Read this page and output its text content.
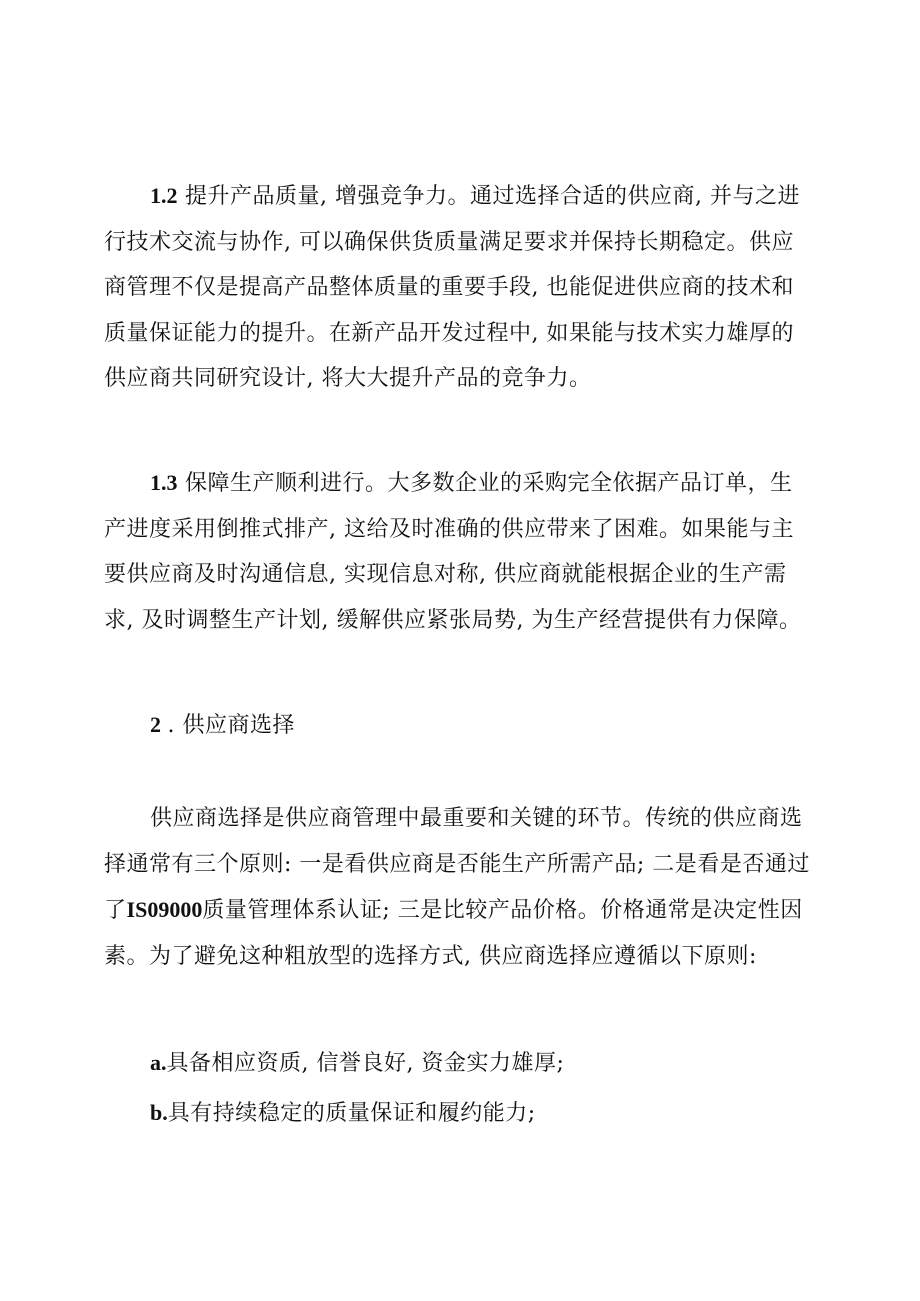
1.2 提升产品质量, 增强竞争力。通过选择合适的供应商, 并与之进
行技术交流与协作, 可以确保供货质量满足要求并保持长期稳定。供应
商管理不仅是提高产品整体质量的重要手段, 也能促进供应商的技术和
质量保证能力的提升。在新产品开发过程中, 如果能与技术实力雄厚的
供应商共同研究设计, 将大大提升产品的竞争力。
1.3 保障生产顺利进行。大多数企业的采购完全依据产品订单，生
产进度采用倒推式排产, 这给及时准确的供应带来了困难。如果能与主
要供应商及时沟通信息, 实现信息对称, 供应商就能根据企业的生产需
求, 及时调整生产计划, 缓解供应紧张局势, 为生产经营提供有力保障。
2 . 供应商选择
供应商选择是供应商管理中最重要和关键的环节。传统的供应商选
择通常有三个原则: 一是看供应商是否能生产所需产品; 二是看是否通过
了IS09000质量管理体系认证; 三是比较产品价格。价格通常是决定性因
素。为了避免这种粗放型的选择方式, 供应商选择应遵循以下原则:
a.具备相应资质, 信誉良好, 资金实力雄厚;
b.具有持续稳定的质量保证和履约能力;
